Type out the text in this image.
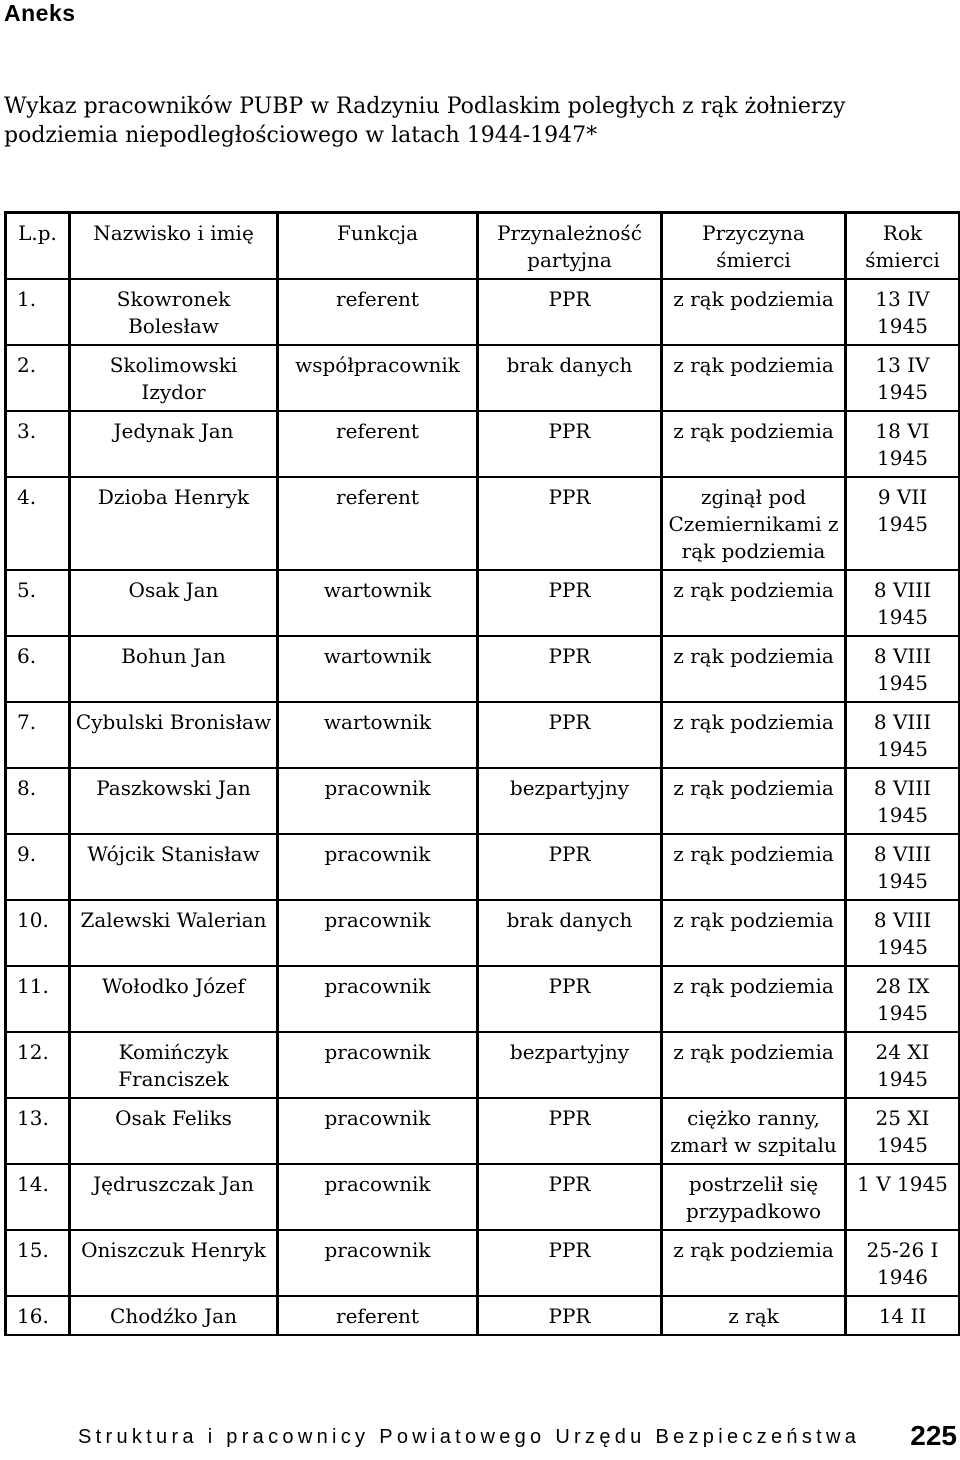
Aneks
Wykaz pracowników PUBP w Radzyniu Podlaskim poległych z rąk żołnierzy podziemia niepodległościowego w latach 1944-1947*
L.p.	Nazwisko i imię	Funkcja	Przynależność partyjna	Przyczyna śmierci	Rok śmierci
1.	Skowronek Bolesław	referent	PPR	z rąk podziemia	13 IV 1945
2.	Skolimowski Izydor	współpracownik	brak danych	z rąk podziemia	13 IV 1945
3.	Jedynak Jan	referent	PPR	z rąk podziemia	18 VI 1945
4.	Dzioba Henryk	referent	PPR	zginął pod Czemiernikami z rąk podziemia	9 VII 1945
5.	Osak Jan	wartownik	PPR	z rąk podziemia	8 VIII 1945
6.	Bohun Jan	wartownik	PPR	z rąk podziemia	8 VIII 1945
7.	Cybulski Bronisław	wartownik	PPR	z rąk podziemia	8 VIII 1945
8.	Paszkowski Jan	pracownik	bezpartyjny	z rąk podziemia	8 VIII 1945
9.	Wójcik Stanisław	pracownik	PPR	z rąk podziemia	8 VIII 1945
10.	Zalewski Walerian	pracownik	brak danych	z rąk podziemia	8 VIII 1945
11.	Wołodko Józef	pracownik	PPR	z rąk podziemia	28 IX 1945
12.	Komińczyk Franciszek	pracownik	bezpartyjny	z rąk podziemia	24 XI 1945
13.	Osak Feliks	pracownik	PPR	ciężko ranny, zmarł w szpitalu	25 XI 1945
14.	Jędruszczak Jan	pracownik	PPR	postrzelił się przypadkowo	1 V 1945
15.	Oniszczuk Henryk	pracownik	PPR	z rąk podziemia	25-26 I 1946
16.	Chodźko Jan	referent	PPR	z rąk	14 II
Struktura i pracownicy Powiatowego Urzędu Bezpieczeństwa 225
